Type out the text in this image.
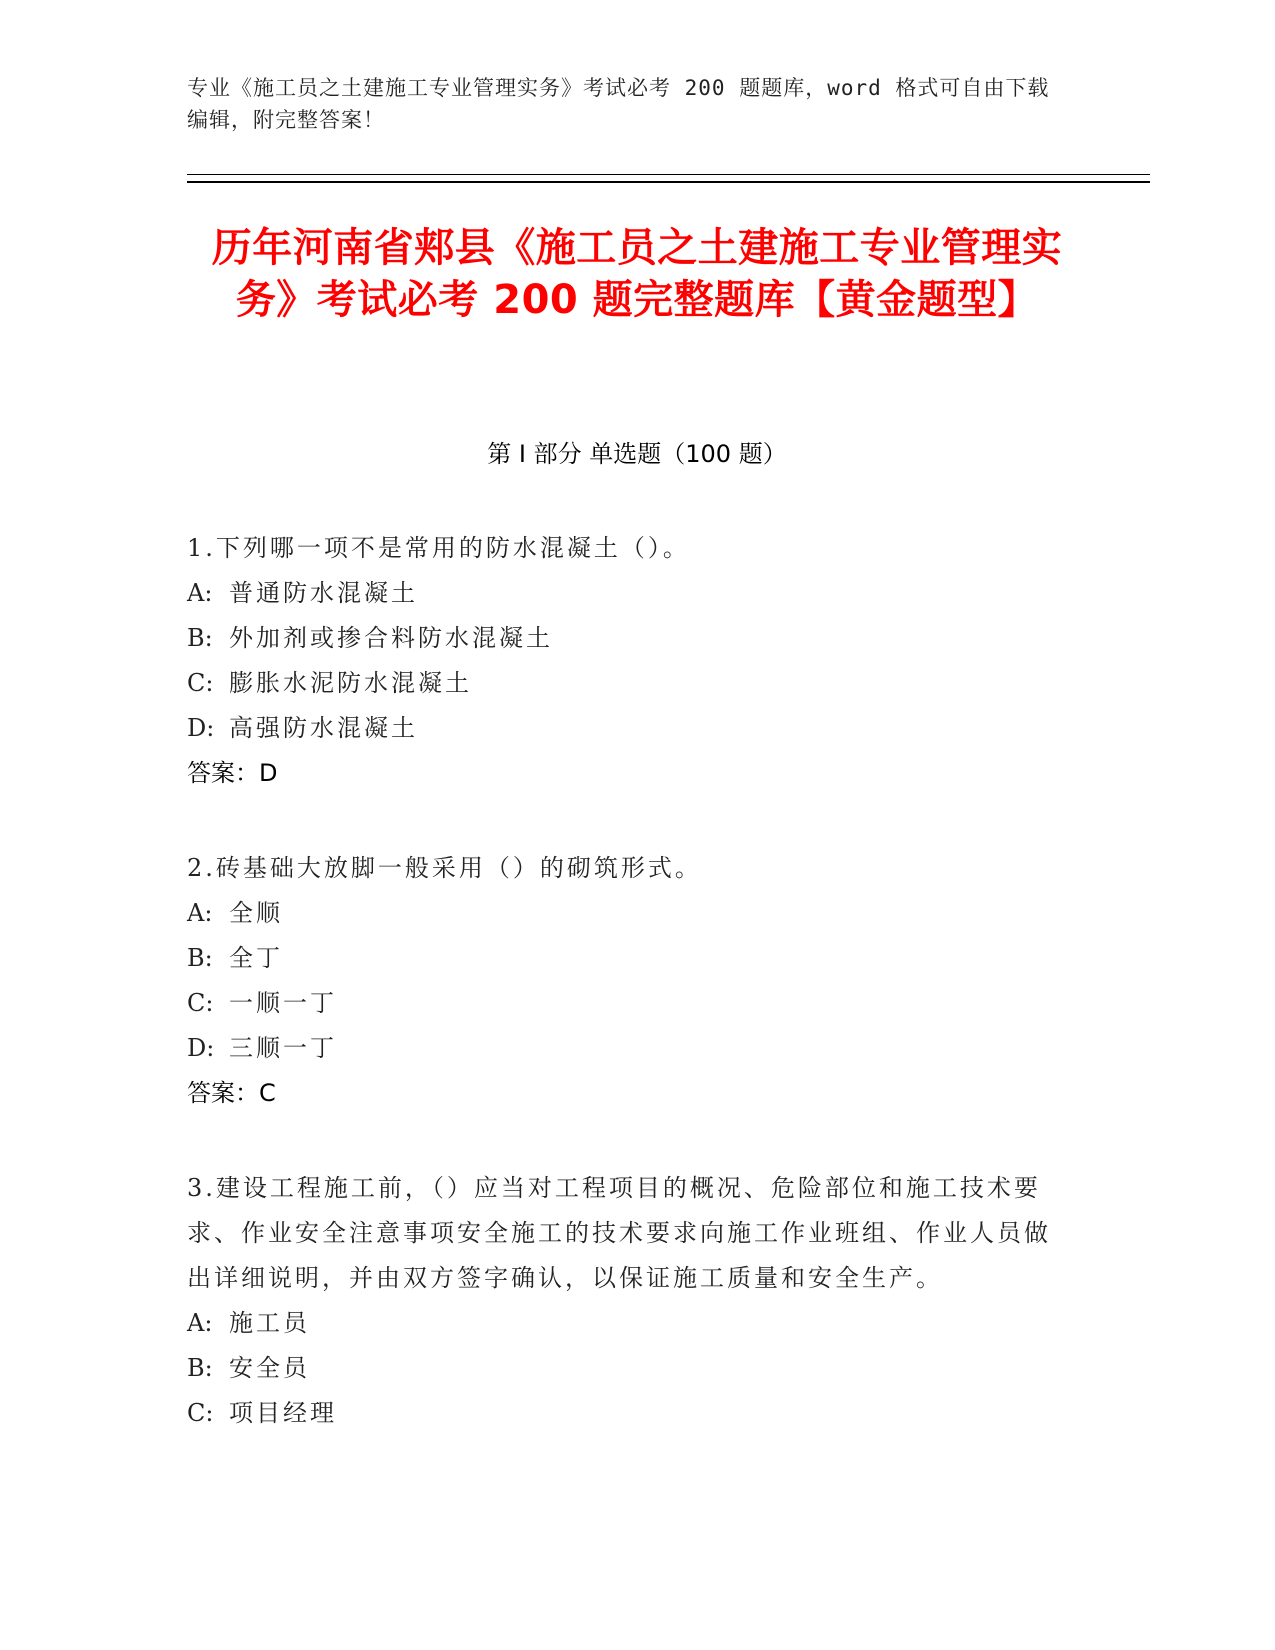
专业《施工员之土建施工专业管理实务》考试必考 200 题题库，word 格式可自由下载编辑，附完整答案！
历年河南省郏县《施工员之土建施工专业管理实务》考试必考 200 题完整题库【黄金题型】
第 I 部分 单选题（100 题）
1.下列哪一项不是常用的防水混凝土（）。
A: 普通防水混凝土
B: 外加剂或掺合料防水混凝土
C: 膨胀水泥防水混凝土
D: 高强防水混凝土
答案：D
2.砖基础大放脚一般采用（）的砌筑形式。
A: 全顺
B: 全丁
C: 一顺一丁
D: 三顺一丁
答案：C
3.建设工程施工前，（）应当对工程项目的概况、危险部位和施工技术要求、作业安全注意事项安全施工的技术要求向施工作业班组、作业人员做出详细说明，并由双方签字确认，以保证施工质量和安全生产。
A: 施工员
B: 安全员
C: 项目经理
